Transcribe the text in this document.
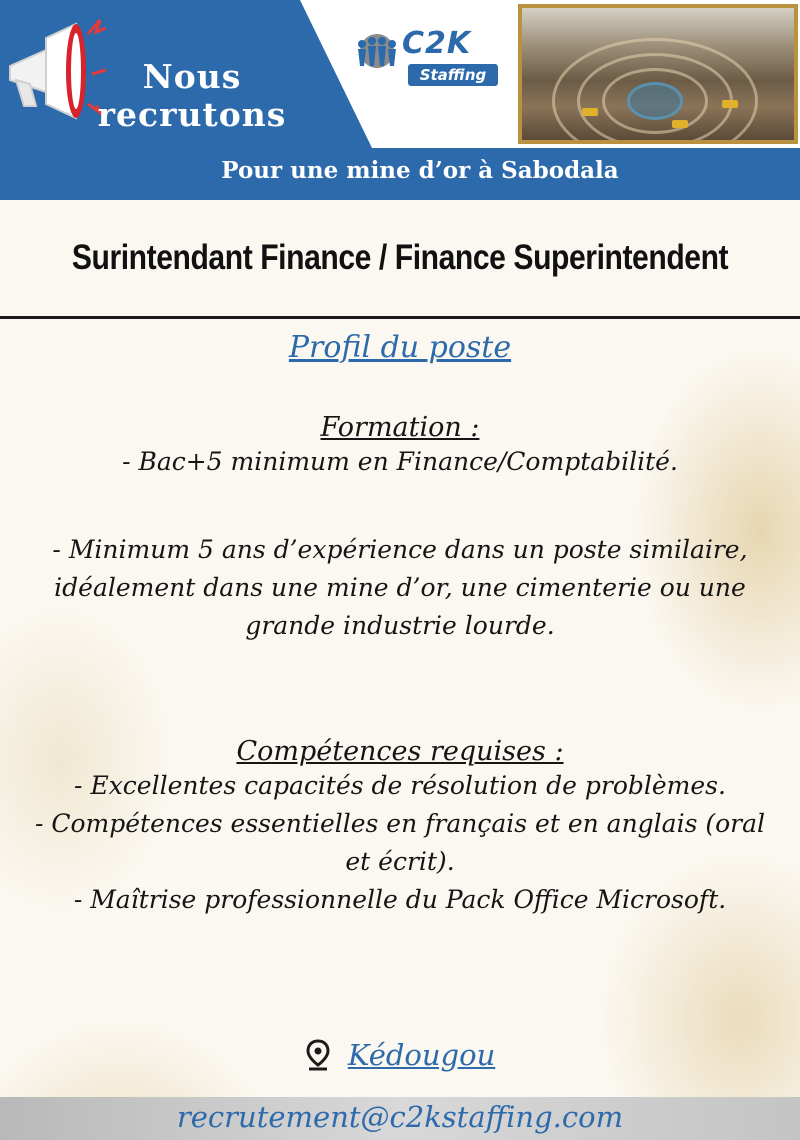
Nous
recrutons
C2K
Staffing
Pour une mine d’or à Sabodala
Surintendant Finance / Finance Superintendent
Profil du poste
Formation :
- Bac+5 minimum en Finance/Comptabilité.
- Minimum 5 ans d’expérience dans un poste similaire,
idéalement dans une mine d’or, une cimenterie ou une
grande industrie lourde.
Compétences requises :
- Excellentes capacités de résolution de problèmes.
- Compétences essentielles en français et en anglais (oral
et écrit).
- Maîtrise professionnelle du Pack Office Microsoft.
Kédougou
recrutement@c2kstaffing.com
